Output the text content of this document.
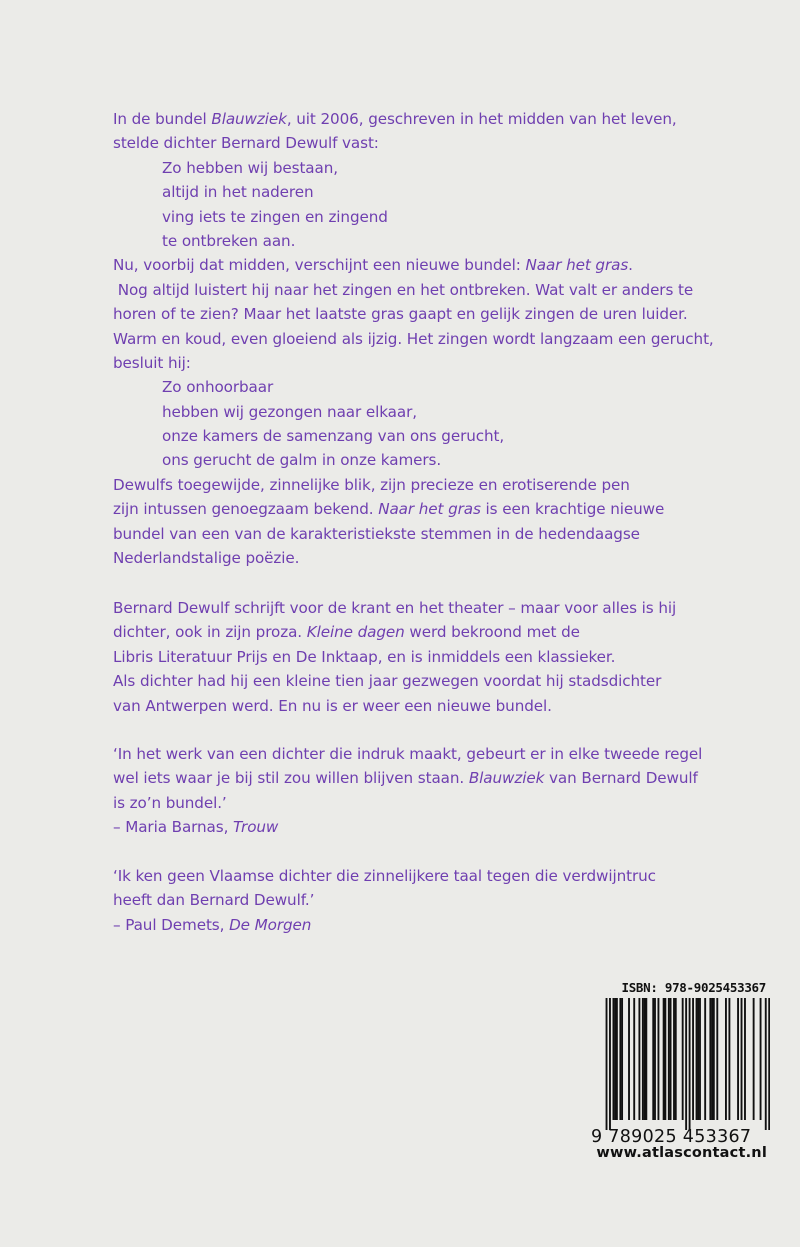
In de bundel Blauwziek, uit 2006, geschreven in het midden van het leven,
stelde dichter Bernard Dewulf vast:
Zo hebben wij bestaan,
altijd in het naderen
ving iets te zingen en zingend
te ontbreken aan.
Nu, voorbij dat midden, verschijnt een nieuwe bundel: Naar het gras.
Nog altijd luistert hij naar het zingen en het ontbreken. Wat valt er anders te
horen of te zien? Maar het laatste gras gaapt en gelijk zingen de uren luider.
Warm en koud, even gloeiend als ijzig. Het zingen wordt langzaam een gerucht,
besluit hij:
Zo onhoorbaar
hebben wij gezongen naar elkaar,
onze kamers de samenzang van ons gerucht,
ons gerucht de galm in onze kamers.
Dewulfs toegewijde, zinnelijke blik, zijn precieze en erotiserende pen
zijn intussen genoegzaam bekend. Naar het gras is een krachtige nieuwe
bundel van een van de karakteristiekste stemmen in de hedendaagse
Nederlandstalige poëzie.
Bernard Dewulf schrijft voor de krant en het theater – maar voor alles is hij
dichter, ook in zijn proza. Kleine dagen werd bekroond met de
Libris Literatuur Prijs en De Inktaap, en is inmiddels een klassieker.
Als dichter had hij een kleine tien jaar gezwegen voordat hij stadsdichter
van Antwerpen werd. En nu is er weer een nieuwe bundel.
‘In het werk van een dichter die indruk maakt, gebeurt er in elke tweede regel
wel iets waar je bij stil zou willen blijven staan. Blauwziek van Bernard Dewulf
is zo’n bundel.’
– Maria Barnas, Trouw
‘Ik ken geen Vlaamse dichter die zinnelijkere taal tegen die verdwijntruc
heeft dan Bernard Dewulf.’
– Paul Demets, De Morgen
ISBN: 978-9025453367
9 789025 453367
www.atlascontact.nl
